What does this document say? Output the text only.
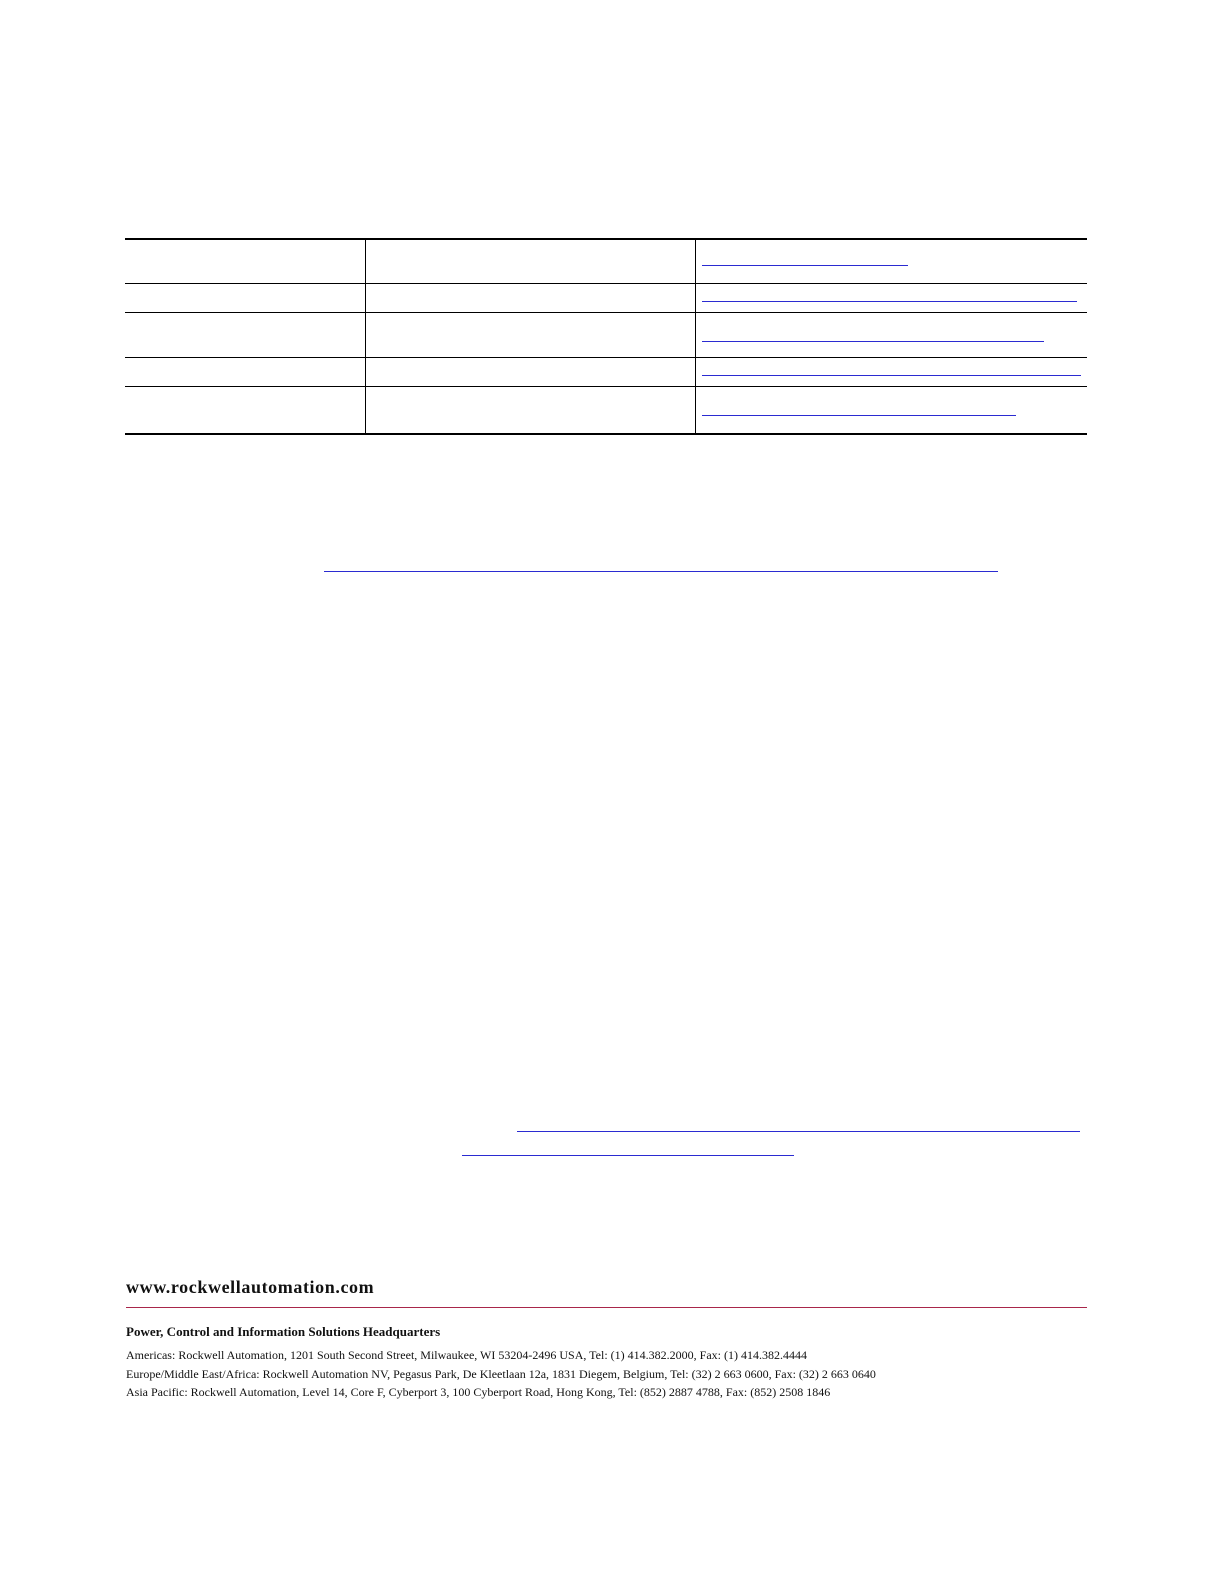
www.rockwellautomation.com

Power, Control and Information Solutions Headquarters

Americas: Rockwell Automation, 1201 South Second Street, Milwaukee, WI 53204-2496 USA, Tel: (1) 414.382.2000, Fax: (1) 414.382.4444
Europe/Middle East/Africa: Rockwell Automation NV, Pegasus Park, De Kleetlaan 12a, 1831 Diegem, Belgium, Tel: (32) 2 663 0600, Fax: (32) 2 663 0640
Asia Pacific: Rockwell Automation, Level 14, Core F, Cyberport 3, 100 Cyberport Road, Hong Kong, Tel: (852) 2887 4788, Fax: (852) 2508 1846
